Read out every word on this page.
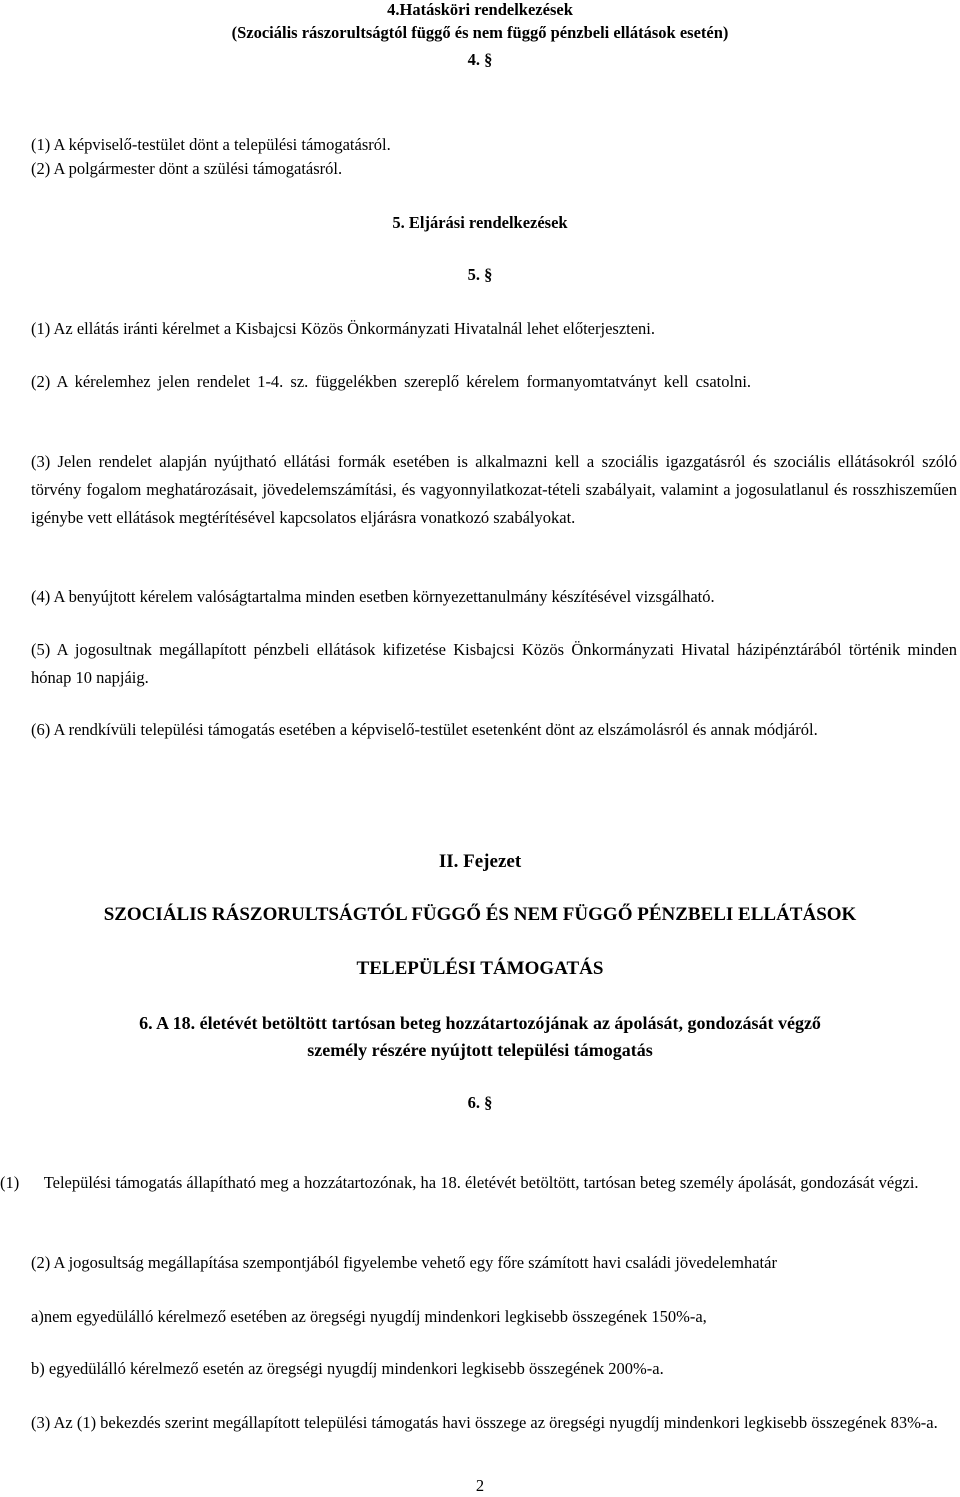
4.Hatásköri rendelkezések
(Szociális rászorultságtól függő és nem függő pénzbeli ellátások esetén)
4. §
(1) A képviselő-testület dönt a települési támogatásról.
(2) A polgármester dönt a szülési támogatásról.
5. Eljárási rendelkezések
5. §
(1) Az ellátás iránti kérelmet a Kisbajcsi Közös Önkormányzati Hivatalnál lehet előterjeszteni.
(2) A kérelemhez jelen rendelet 1-4. sz. függelékben szereplő kérelem formanyomtatványt kell csatolni.
(3) Jelen rendelet alapján nyújtható ellátási formák esetében is alkalmazni kell a szociális igazgatásról és szociális ellátásokról szóló törvény fogalom meghatározásait, jövedelemszámítási, és vagyonnyilatkozat-tételi szabályait, valamint a jogosulatlanul és rosszhiszeműen igénybe vett ellátások megtérítésével kapcsolatos eljárásra vonatkozó szabályokat.
(4) A benyújtott kérelem valóságtartalma minden esetben környezettanulmány készítésével vizsgálható.
(5) A jogosultnak megállapított pénzbeli ellátások kifizetése Kisbajcsi Közös Önkormányzati Hivatal házipénztárából történik minden hónap 10 napjáig.
(6) A rendkívüli települési támogatás esetében a képviselő-testület esetenként dönt az elszámolásról és annak módjáról.
II. Fejezet
SZOCIÁLIS RÁSZORULTSÁGTÓL FÜGGŐ ÉS NEM FÜGGŐ PÉNZBELI ELLÁTÁSOK
TELEPÜLÉSI TÁMOGATÁS
6. A 18. életévét betöltött tartósan beteg hozzátartozójának az ápolását, gondozását végző
személy részére nyújtott települési támogatás
6. §
(1)      Települési támogatás állapítható meg a hozzátartozónak, ha 18. életévét betöltött, tartósan beteg személy ápolását, gondozását végzi.
(2) A jogosultság megállapítása szempontjából figyelembe vehető egy főre számított havi családi jövedelemhatár
a)nem egyedülálló kérelmező esetében az öregségi nyugdíj mindenkori legkisebb összegének 150%-a,
b) egyedülálló kérelmező esetén az öregségi nyugdíj mindenkori legkisebb összegének 200%-a.
(3) Az (1) bekezdés szerint megállapított települési támogatás havi összege az öregségi nyugdíj mindenkori legkisebb összegének 83%-a.
2
